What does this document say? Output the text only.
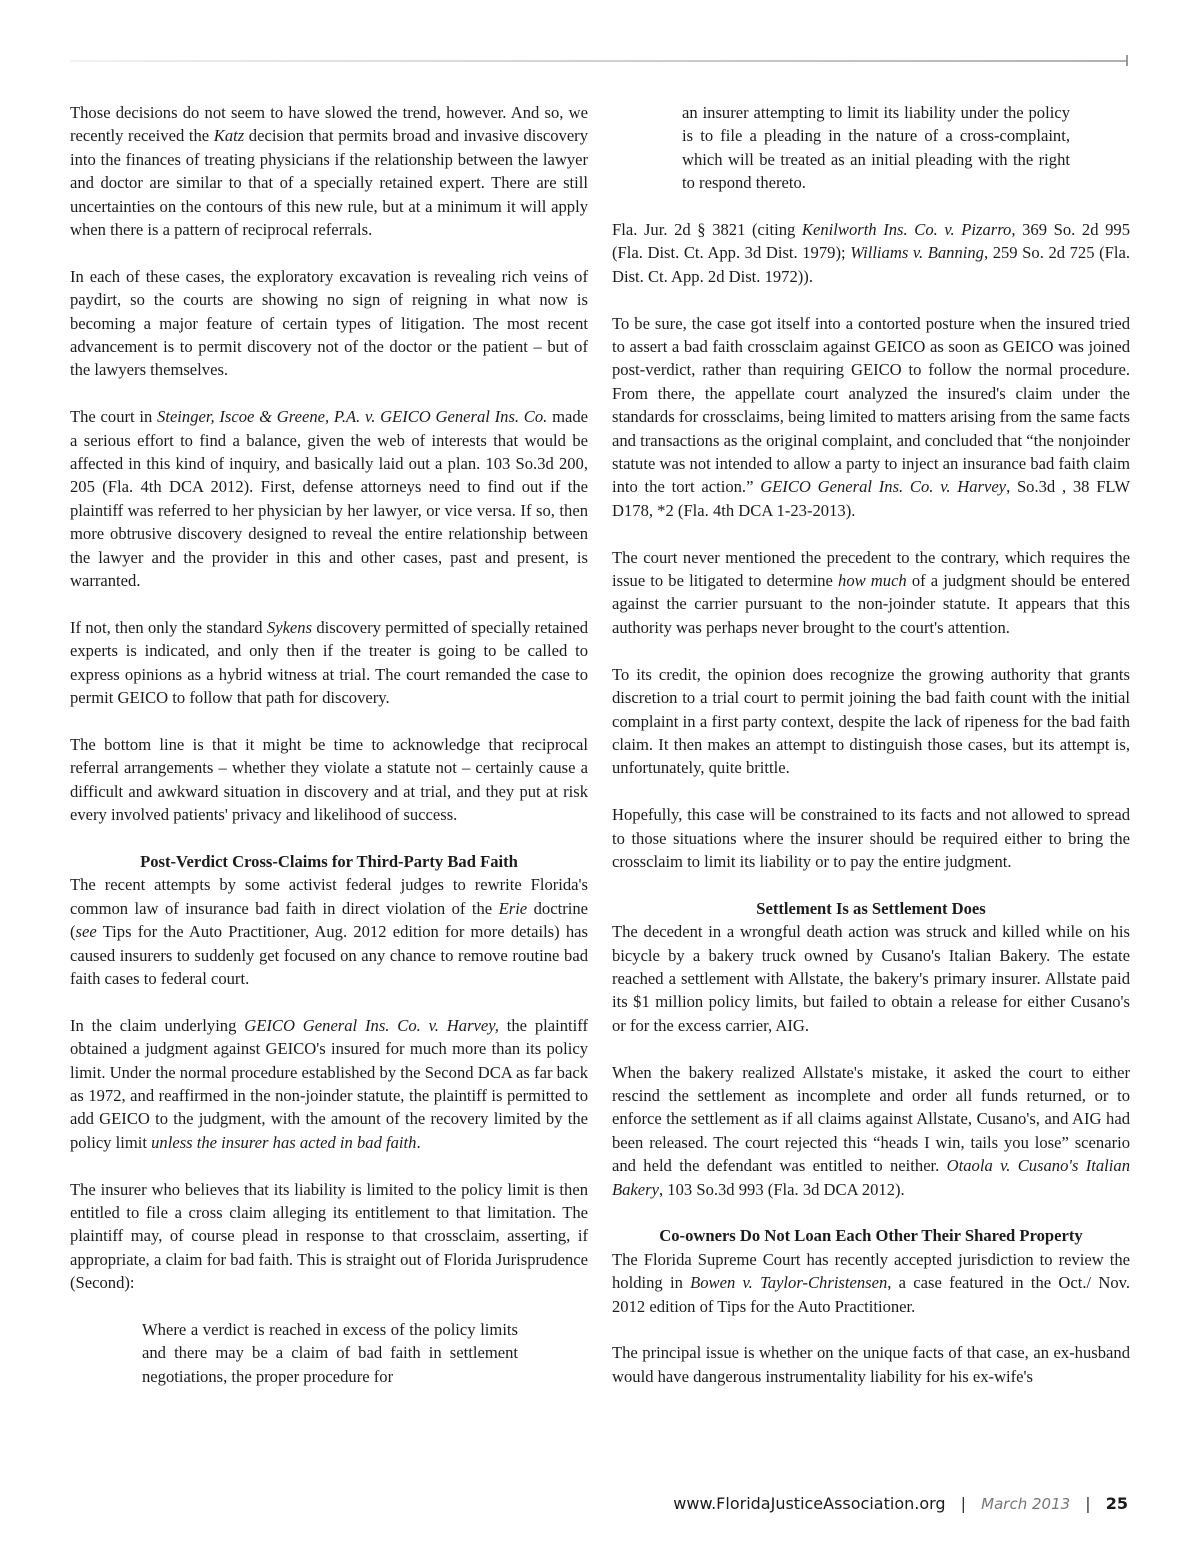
Those decisions do not seem to have slowed the trend, however. And so, we recently received the Katz decision that permits broad and invasive discovery into the finances of treating physicians if the relationship between the lawyer and doctor are similar to that of a specially retained expert. There are still uncertainties on the contours of this new rule, but at a minimum it will apply when there is a pattern of reciprocal referrals.

In each of these cases, the exploratory excavation is revealing rich veins of paydirt, so the courts are showing no sign of reigning in what now is becoming a major feature of certain types of litigation. The most recent advancement is to permit discovery not of the doctor or the patient – but of the lawyers themselves.

The court in Steinger, Iscoe & Greene, P.A. v. GEICO General Ins. Co. made a serious effort to find a balance, given the web of interests that would be affected in this kind of inquiry, and basically laid out a plan. 103 So.3d 200, 205 (Fla. 4th DCA 2012). First, defense attorneys need to find out if the plaintiff was referred to her physician by her lawyer, or vice versa. If so, then more obtrusive discovery designed to reveal the entire relationship between the lawyer and the provider in this and other cases, past and present, is warranted.

If not, then only the standard Sykens discovery permitted of specially retained experts is indicated, and only then if the treater is going to be called to express opinions as a hybrid witness at trial. The court remanded the case to permit GEICO to follow that path for discovery.

The bottom line is that it might be time to acknowledge that reciprocal referral arrangements – whether they violate a statute not – certainly cause a difficult and awkward situation in discovery and at trial, and they put at risk every involved patients' privacy and likelihood of success.

Post-Verdict Cross-Claims for Third-Party Bad Faith

The recent attempts by some activist federal judges to rewrite Florida's common law of insurance bad faith in direct violation of the Erie doctrine (see Tips for the Auto Practitioner, Aug. 2012 edition for more details) has caused insurers to suddenly get focused on any chance to remove routine bad faith cases to federal court.

In the claim underlying GEICO General Ins. Co. v. Harvey, the plaintiff obtained a judgment against GEICO's insured for much more than its policy limit. Under the normal procedure established by the Second DCA as far back as 1972, and reaffirmed in the non-joinder statute, the plaintiff is permitted to add GEICO to the judgment, with the amount of the recovery limited by the policy limit unless the insurer has acted in bad faith.

The insurer who believes that its liability is limited to the policy limit is then entitled to file a cross claim alleging its entitlement to that limitation. The plaintiff may, of course plead in response to that crossclaim, asserting, if appropriate, a claim for bad faith. This is straight out of Florida Jurisprudence (Second):

Where a verdict is reached in excess of the policy limits and there may be a claim of bad faith in settlement negotiations, the proper procedure for
an insurer attempting to limit its liability under the policy is to file a pleading in the nature of a cross-complaint, which will be treated as an initial pleading with the right to respond thereto.

Fla. Jur. 2d § 3821 (citing Kenilworth Ins. Co. v. Pizarro, 369 So. 2d 995 (Fla. Dist. Ct. App. 3d Dist. 1979); Williams v. Banning, 259 So. 2d 725 (Fla. Dist. Ct. App. 2d Dist. 1972)).

To be sure, the case got itself into a contorted posture when the insured tried to assert a bad faith crossclaim against GEICO as soon as GEICO was joined post-verdict, rather than requiring GEICO to follow the normal procedure. From there, the appellate court analyzed the insured's claim under the standards for crossclaims, being limited to matters arising from the same facts and transactions as the original complaint, and concluded that “the nonjoinder statute was not intended to allow a party to inject an insurance bad faith claim into the tort action.” GEICO General Ins. Co. v. Harvey, So.3d , 38 FLW D178, *2 (Fla. 4th DCA 1-23-2013).

The court never mentioned the precedent to the contrary, which requires the issue to be litigated to determine how much of a judgment should be entered against the carrier pursuant to the non-joinder statute. It appears that this authority was perhaps never brought to the court's attention.

To its credit, the opinion does recognize the growing authority that grants discretion to a trial court to permit joining the bad faith count with the initial complaint in a first party context, despite the lack of ripeness for the bad faith claim. It then makes an attempt to distinguish those cases, but its attempt is, unfortunately, quite brittle.

Hopefully, this case will be constrained to its facts and not allowed to spread to those situations where the insurer should be required either to bring the crossclaim to limit its liability or to pay the entire judgment.

Settlement Is as Settlement Does

The decedent in a wrongful death action was struck and killed while on his bicycle by a bakery truck owned by Cusano's Italian Bakery. The estate reached a settlement with Allstate, the bakery's primary insurer. Allstate paid its $1 million policy limits, but failed to obtain a release for either Cusano's or for the excess carrier, AIG.

When the bakery realized Allstate's mistake, it asked the court to either rescind the settlement as incomplete and order all funds returned, or to enforce the settlement as if all claims against Allstate, Cusano's, and AIG had been released. The court rejected this “heads I win, tails you lose” scenario and held the defendant was entitled to neither. Otaola v. Cusano's Italian Bakery, 103 So.3d 993 (Fla. 3d DCA 2012).

Co-owners Do Not Loan Each Other Their Shared Property

The Florida Supreme Court has recently accepted jurisdiction to review the holding in Bowen v. Taylor-Christensen, a case featured in the Oct./ Nov. 2012 edition of Tips for the Auto Practitioner.

The principal issue is whether on the unique facts of that case, an ex-husband would have dangerous instrumentality liability for his ex-wife's

www.FloridaJusticeAssociation.org | March 2013 | 25
